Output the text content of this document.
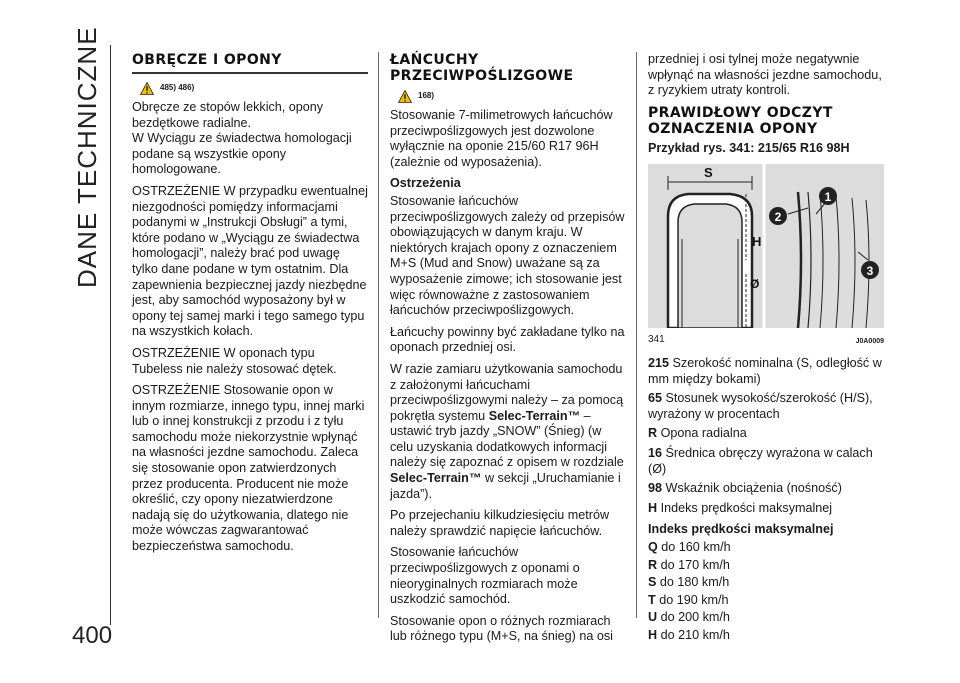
DANE TECHNICZNE
400
OBRĘCZE I OPONY
485) 486)

Obręcze ze stopów lekkich, opony bezdętkowe radialne.
W Wyciągu ze świadectwa homologacji podane są wszystkie opony homologowane.

OSTRZEŻENIE W przypadku ewentualnej niezgodności pomiędzy informacjami podanymi w „Instrukcji Obsługi” a tymi, które podano w „Wyciągu ze świadectwa homologacji”, należy brać pod uwagę tylko dane podane w tym ostatnim. Dla zapewnienia bezpiecznej jazdy niezbędne jest, aby samochód wyposażony był w opony tej samej marki i tego samego typu na wszystkich kołach.

OSTRZEŻENIE W oponach typu Tubeless nie należy stosować dętek.

OSTRZEŻENIE Stosowanie opon w innym rozmiarze, innego typu, innej marki lub o innej konstrukcji z przodu i z tyłu samochodu może niekorzystnie wpłynąć na własności jezdne samochodu. Zaleca się stosowanie opon zatwierdzonych przez producenta. Producent nie może określić, czy opony niezatwierdzone nadają się do użytkowania, dlatego nie może wówczas zagwarantować bezpieczeństwa samochodu.

ŁAŃCUCHY
PRZECIWPOŚLIZGOWE
168)

Stosowanie 7-milimetrowych łańcuchów przeciwpoślizgowych jest dozwolone wyłącznie na oponie 215/60 R17 96H (zależnie od wyposażenia).

Ostrzeżenia

Stosowanie łańcuchów przeciwpoślizgowych zależy od przepisów obowiązujących w danym kraju. W niektórych krajach opony z oznaczeniem M+S (Mud and Snow) uważane są za wyposażenie zimowe; ich stosowanie jest więc równoważne z zastosowaniem łańcuchów przeciwpoślizgowych.

Łańcuchy powinny być zakładane tylko na oponach przedniej osi.

W razie zamiaru użytkowania samochodu z założonymi łańcuchami przeciwpoślizgowymi należy – za pomocą pokrętła systemu Selec-Terrain™ – ustawić tryb jazdy „SNOW” (Śnieg) (w celu uzyskania dodatkowych informacji należy się zapoznać z opisem w rozdziale Selec-Terrain™ w sekcji „Uruchamianie i jazda”).

Po przejechaniu kilkudziesięciu metrów należy sprawdzić napięcie łańcuchów.

Stosowanie łańcuchów przeciwpoślizgowych z oponami o nieoryginalnych rozmiarach może uszkodzić samochód.

Stosowanie opon o różnych rozmiarach lub różnego typu (M+S, na śnieg) na osi

przedniej i osi tylnej może negatywnie wpłynąć na własności jezdne samochodu, z ryzykiem utraty kontroli.

PRAWIDŁOWY ODCZYT
OZNACZENIA OPONY
Przykład rys. 341: 215/65 R16 98H
S
H
Ø
2
1
3
341	J0A0009

215 Szerokość nominalna (S, odległość w mm między bokami)

65 Stosunek wysokość/szerokość (H/S), wyrażony w procentach

R Opona radialna

16 Średnica obręczy wyrażona w calach (Ø)

98 Wskaźnik obciążenia (nośność)

H Indeks prędkości maksymalnej

Indeks prędkości maksymalnej

Q do 160 km/h

R do 170 km/h

S do 180 km/h

T do 190 km/h

U do 200 km/h

H do 210 km/h
